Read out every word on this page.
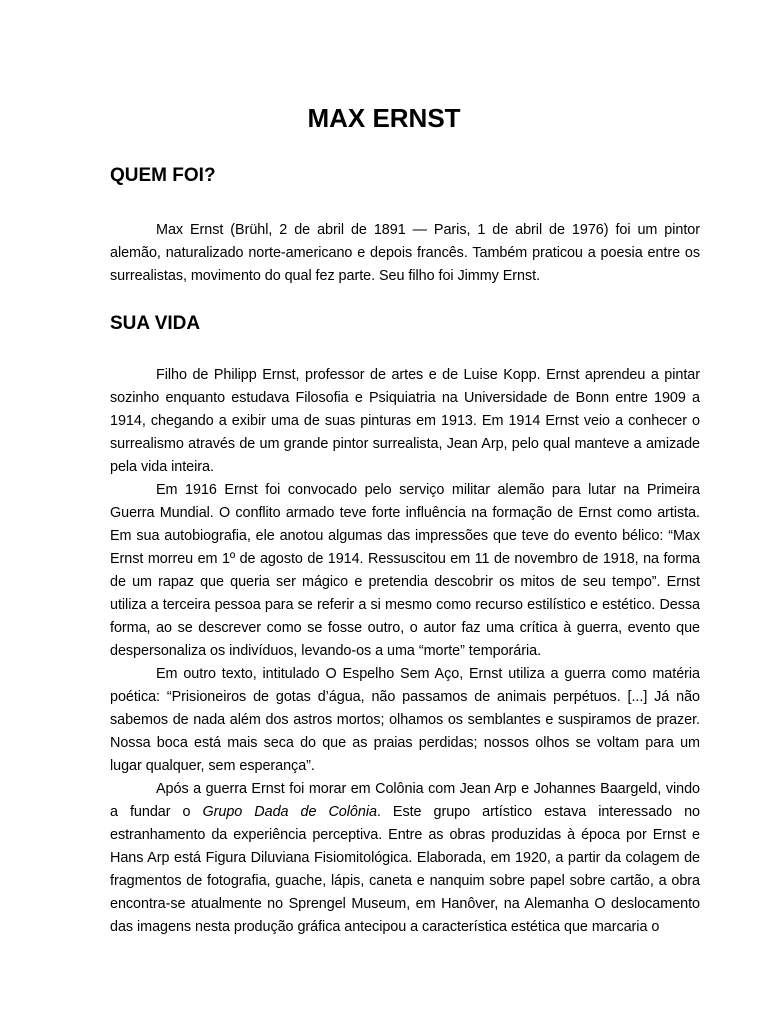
MAX ERNST
QUEM FOI?

Max Ernst (Brühl, 2 de abril de 1891 — Paris, 1 de abril de 1976) foi um pintor alemão, naturalizado norte-americano e depois francês. Também praticou a poesia entre os surrealistas, movimento do qual fez parte. Seu filho foi Jimmy Ernst.

SUA VIDA

Filho de Philipp Ernst, professor de artes e de Luise Kopp. Ernst aprendeu a pintar sozinho enquanto estudava Filosofia e Psiquiatria na Universidade de Bonn entre 1909 a 1914, chegando a exibir uma de suas pinturas em 1913. Em 1914 Ernst veio a conhecer o surrealismo através de um grande pintor surrealista, Jean Arp, pelo qual manteve a amizade pela vida inteira.

Em 1916 Ernst foi convocado pelo serviço militar alemão para lutar na Primeira Guerra Mundial. O conflito armado teve forte influência na formação de Ernst como artista. Em sua autobiografia, ele anotou algumas das impressões que teve do evento bélico: “Max Ernst morreu em 1º de agosto de 1914. Ressuscitou em 11 de novembro de 1918, na forma de um rapaz que queria ser mágico e pretendia descobrir os mitos de seu tempo”. Ernst utiliza a terceira pessoa para se referir a si mesmo como recurso estilístico e estético. Dessa forma, ao se descrever como se fosse outro, o autor faz uma crítica à guerra, evento que despersonaliza os indivíduos, levando-os a uma “morte” temporária.

Em outro texto, intitulado O Espelho Sem Aço, Ernst utiliza a guerra como matéria poética: “Prisioneiros de gotas d’água, não passamos de animais perpétuos. [...] Já não sabemos de nada além dos astros mortos; olhamos os semblantes e suspiramos de prazer. Nossa boca está mais seca do que as praias perdidas; nossos olhos se voltam para um lugar qualquer, sem esperança”.

Após a guerra Ernst foi morar em Colônia com Jean Arp e Johannes Baargeld, vindo a fundar o Grupo Dada de Colônia. Este grupo artístico estava interessado no estranhamento da experiência perceptiva. Entre as obras produzidas à época por Ernst e Hans Arp está Figura Diluviana Fisiomitológica. Elaborada, em 1920, a partir da colagem de fragmentos de fotografia, guache, lápis, caneta e nanquim sobre papel sobre cartão, a obra encontra-se atualmente no Sprengel Museum, em Hanôver, na Alemanha O deslocamento das imagens nesta produção gráfica antecipou a característica estética que marcaria o
